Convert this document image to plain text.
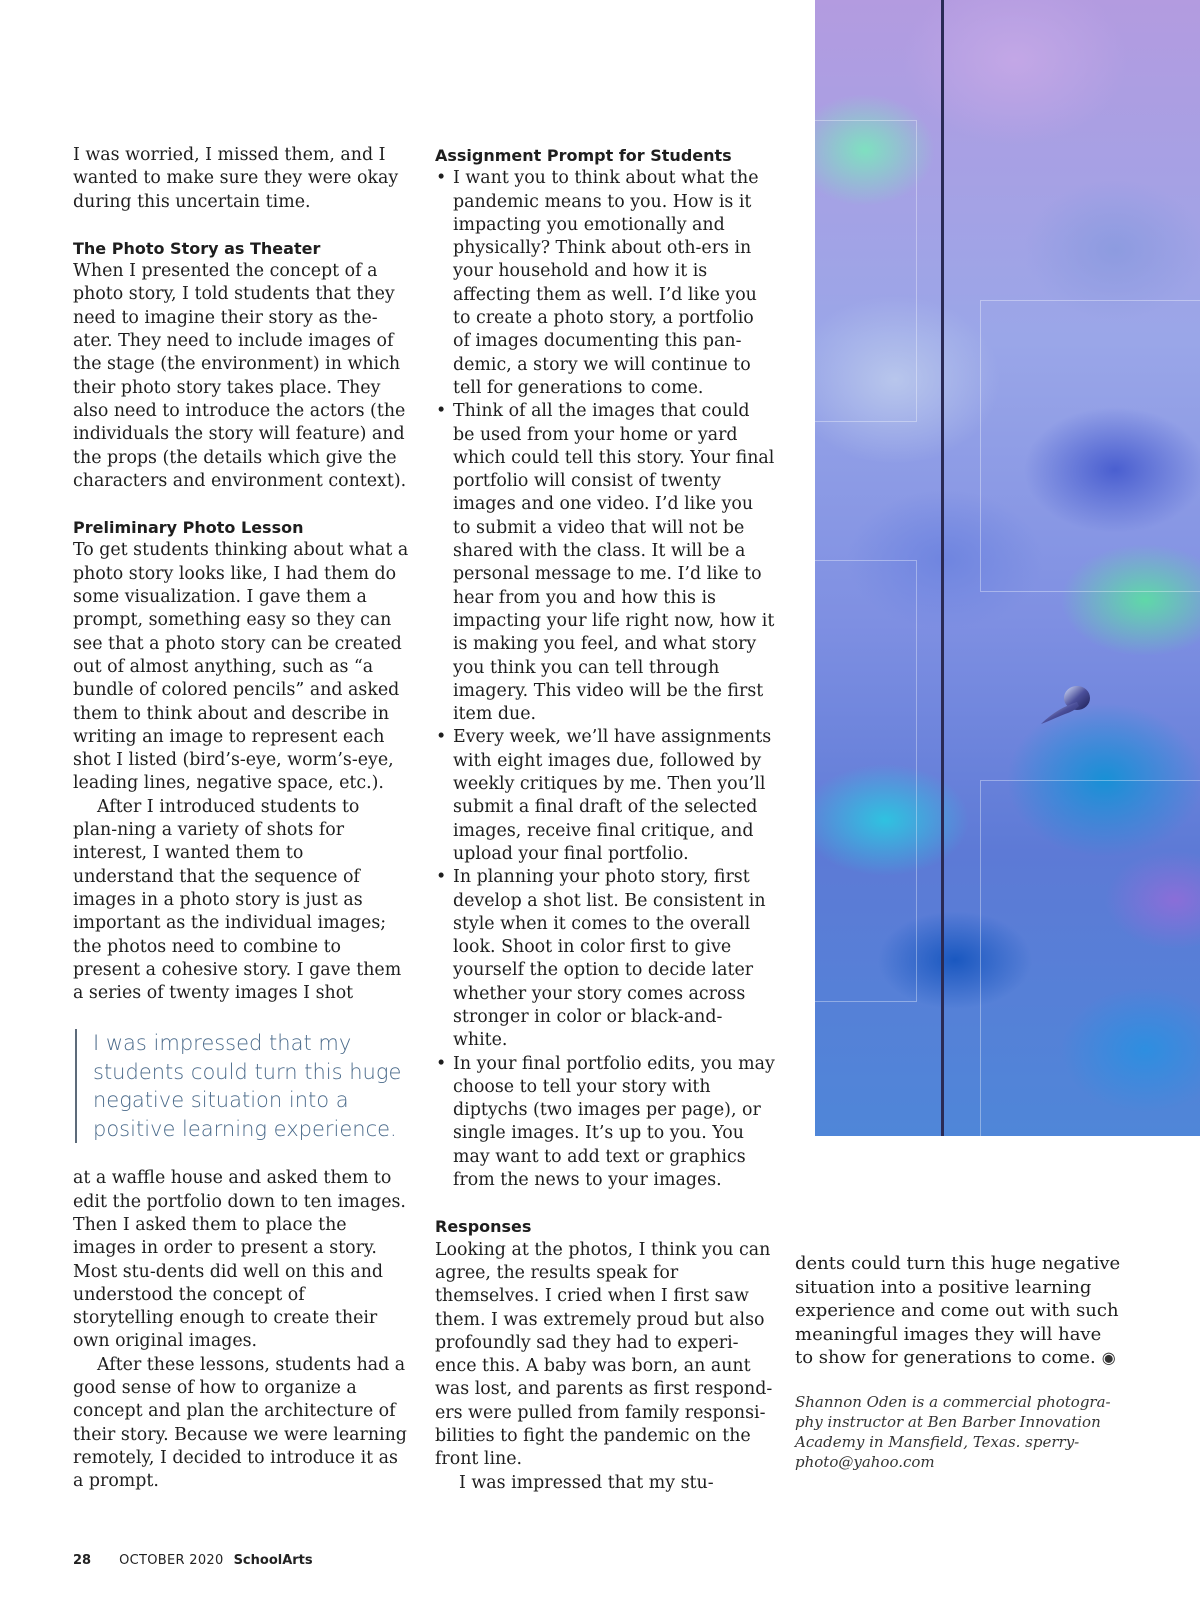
I was worried, I missed them, and I wanted to make sure they were okay during this uncertain time.

The Photo Story as Theater

When I presented the concept of a photo story, I told students that they need to imagine their story as the-ater. They need to include images of the stage (the environment) in which their photo story takes place. They also need to introduce the actors (the individuals the story will feature) and the props (the details which give the characters and environment context).

Preliminary Photo Lesson

To get students thinking about what a photo story looks like, I had them do some visualization. I gave them a prompt, something easy so they can see that a photo story can be created out of almost anything, such as “a bundle of colored pencils” and asked them to think about and describe in writing an image to represent each shot I listed (bird’s-eye, worm’s-eye, leading lines, negative space, etc.).

After I introduced students to plan-ning a variety of shots for interest, I wanted them to understand that the sequence of images in a photo story is just as important as the individual images; the photos need to combine to present a cohesive story. I gave them a series of twenty images I shot

I was impressed that my students could turn this huge negative situation into a positive learning experience.

at a waffle house and asked them to edit the portfolio down to ten images. Then I asked them to place the images in order to present a story. Most stu-dents did well on this and understood the concept of storytelling enough to create their own original images.

After these lessons, students had a good sense of how to organize a concept and plan the architecture of their story. Because we were learning remotely, I decided to introduce it as a prompt.

Assignment Prompt for Students
• I want you to think about what the pandemic means to you. How is it impacting you emotionally and physically? Think about oth-ers in your household and how it is affecting them as well. I’d like you to create a photo story, a portfolio of images documenting this pan-demic, a story we will continue to tell for generations to come.
• Think of all the images that could be used from your home or yard which could tell this story. Your final portfolio will consist of twenty images and one video. I’d like you to submit a video that will not be shared with the class. It will be a personal message to me. I’d like to hear from you and how this is impacting your life right now, how it is making you feel, and what story you think you can tell through imagery. This video will be the first item due.
• Every week, we’ll have assignments with eight images due, followed by weekly critiques by me. Then you’ll submit a final draft of the selected images, receive final critique, and upload your final portfolio.
• In planning your photo story, first develop a shot list. Be consistent in style when it comes to the overall look. Shoot in color first to give yourself the option to decide later whether your story comes across stronger in color or black-and-white.
• In your final portfolio edits, you may choose to tell your story with diptychs (two images per page), or single images. It’s up to you. You may want to add text or graphics from the news to your images.
Responses

Looking at the photos, I think you can agree, the results speak for themselves. I cried when I first saw them. I was extremely proud but also profoundly sad they had to experi-ence this. A baby was born, an aunt was lost, and parents as first respond-ers were pulled from family responsi-bilities to fight the pandemic on the front line.

I was impressed that my stu-

dents could turn this huge negative situation into a positive learning experience and come out with such meaningful images they will have to show for generations to come. ◉

Shannon Oden is a commercial photogra-phy instructor at Ben Barber Innovation Academy in Mansfield, Texas. sperry-photo@yahoo.com

28 OCTOBER 2020 SchoolArts
